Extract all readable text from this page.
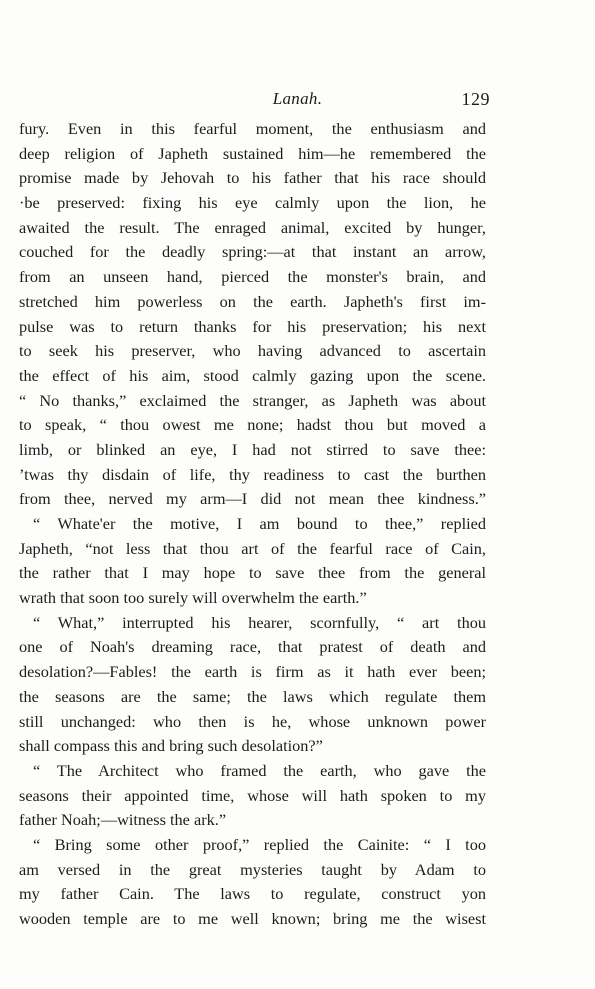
Lanah.	129
fury. Even in this fearful moment, the enthusiasm and
deep religion of Japheth sustained him—he remembered the
promise made by Jehovah to his father that his race should
·be preserved: fixing his eye calmly upon the lion, he
awaited the result. The enraged animal, excited by hunger,
couched for the deadly spring:—at that instant an arrow,
from an unseen hand, pierced the monster's brain, and
stretched him powerless on the earth. Japheth's first im-
pulse was to return thanks for his preservation; his next
to seek his preserver, who having advanced to ascertain
the effect of his aim, stood calmly gazing upon the scene.
“ No thanks,” exclaimed the stranger, as Japheth was about
to speak, “ thou owest me none; hadst thou but moved a
limb, or blinked an eye, I had not stirred to save thee:
’twas thy disdain of life, thy readiness to cast the burthen
from thee, nerved my arm—I did not mean thee kindness.”
“ Whate'er the motive, I am bound to thee,” replied
Japheth, “not less that thou art of the fearful race of Cain,
the rather that I may hope to save thee from the general
wrath that soon too surely will overwhelm the earth.”
“ What,” interrupted his hearer, scornfully, “ art thou
one of Noah's dreaming race, that pratest of death and
desolation?—Fables! the earth is firm as it hath ever been;
the seasons are the same; the laws which regulate them
still unchanged: who then is he, whose unknown power
shall compass this and bring such desolation?”
“ The Architect who framed the earth, who gave the
seasons their appointed time, whose will hath spoken to my
father Noah;—witness the ark.”
“ Bring some other proof,” replied the Cainite: “ I too
am versed in the great mysteries taught by Adam to
my father Cain. The laws to regulate, construct yon
wooden temple are to me well known; bring me the wisest
